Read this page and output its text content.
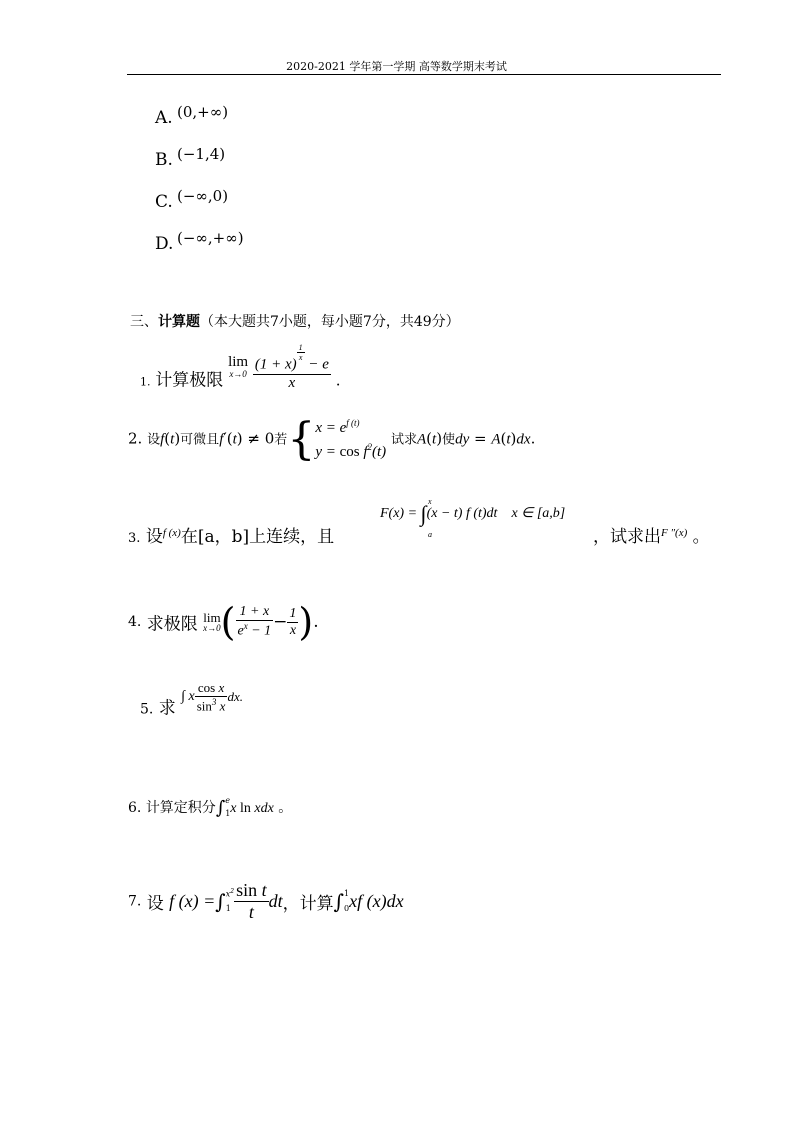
2020-2021 学年第一学期 高等数学期末考试
A. (0,+∞)
B. (−1,4)
C. (−∞,0)
D. (−∞,+∞)
三、计算题（本大题共7小题，每小题7分，共49分）
$_{1.}$ 计算极限 lim
x→0
(1 + x)
$^{\frac{1}{x}}$
− e
x .
2. 设f(t)可微且f′(t) ≠ 0若{ $x = e^{f (t)}$
$y = \cos f^2(t)$
试求A(t)使dy = A(t)dx.
3. 设$^{f (x)}$在[a，b]上连续，且
F(x) = ∫(x − t) f (t)dt    x ∈ [a,b]
x
a	，试求出$^{F ''(x)}$ 。
4. 求极限 lim
x→0 ( $\frac{1 + x}{e^x - 1} - \frac{1}{x}$ ).
$_{5.}$ 求 ∫ x $\frac{\text{cos x}}{\sin^3 x}$ dx.
6. 计算定积分∫ e
1 x ln xdx 。
7. 设 f (x) =∫ $x^2$
$1 \frac{\text{sin t}}{t}$ dt，计算∫ 1
0 xf (x)dx
